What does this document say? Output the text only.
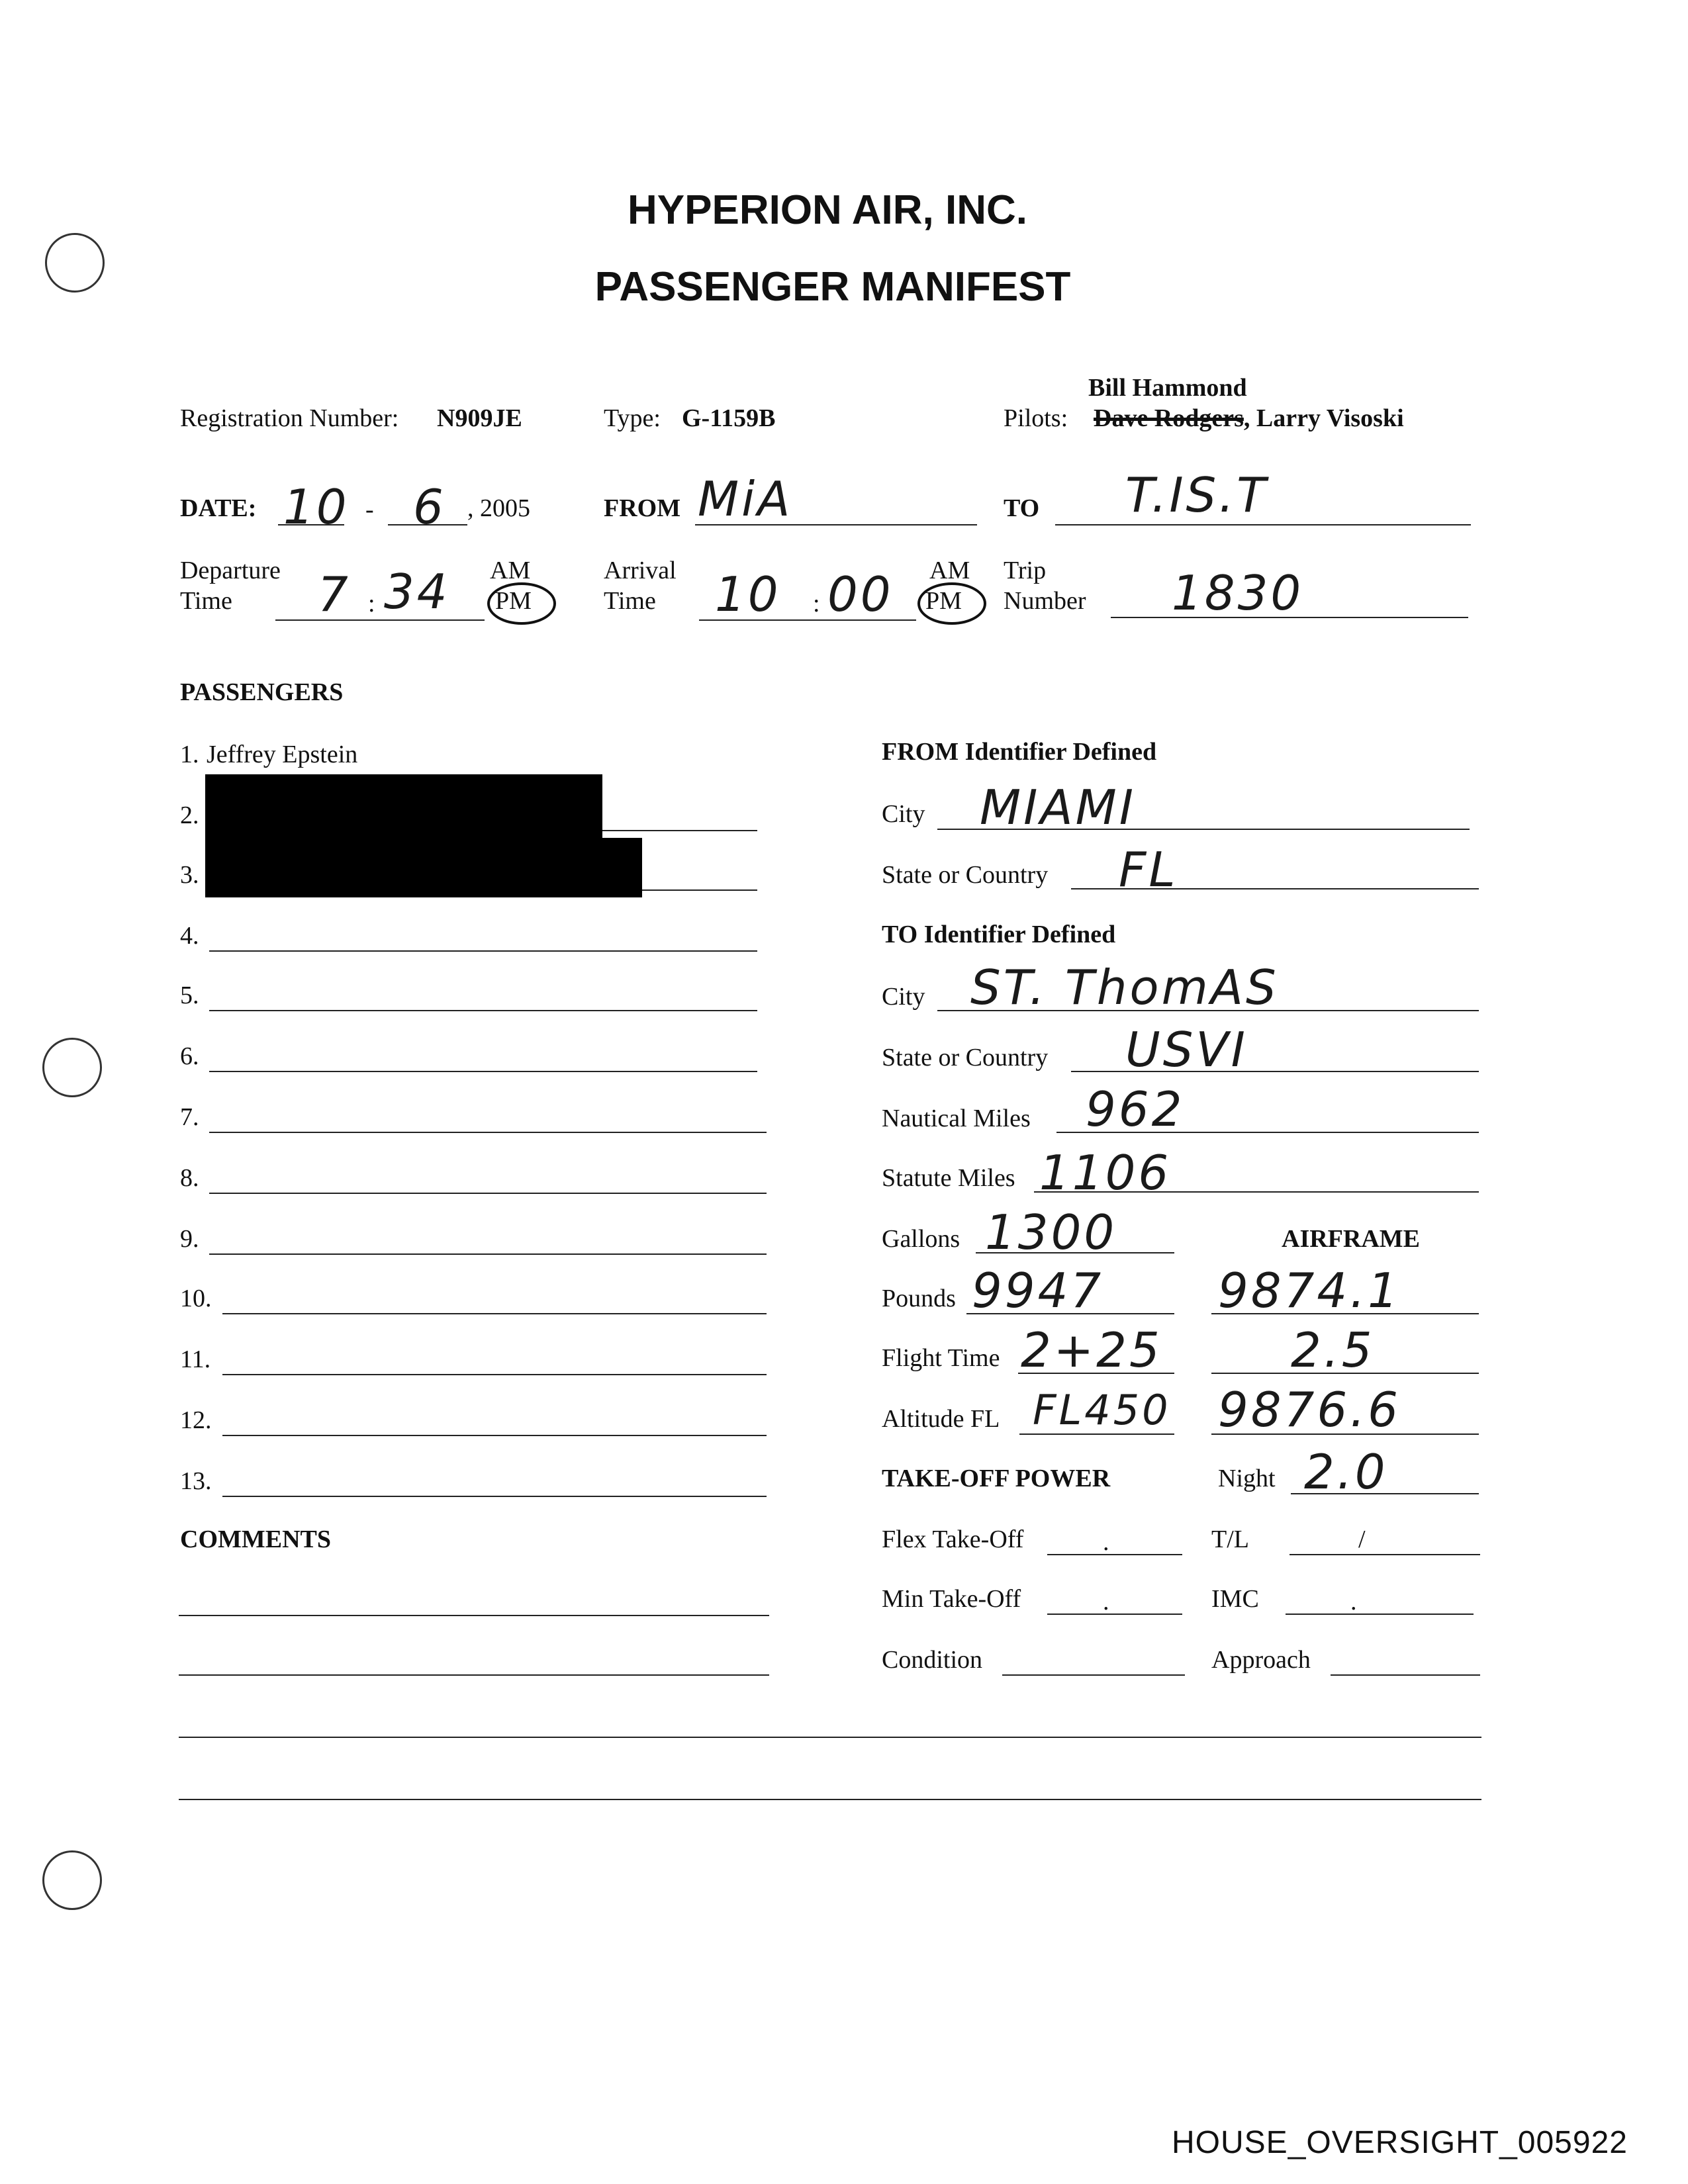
HYPERION AIR, INC.
PASSENGER MANIFEST
Registration Number: N909JE	Type: G-1159B
Bill Hammond
Pilots: Dave Rodgers, Larry Visoski
DATE: 10 - 6 , 2005	FROM MiA	TO T.IS.T
Departure
Time 7 : 34 AM
PM
Arrival
Time 10 : 00 AM
PM
Trip
Number 1830
PASSENGERS
1. Jeffrey Epstein
2.
3.
4.
5.
6.
7.
8.
9.
10.
11.
12.
13.
FROM Identifier Defined
City MIAMI
State or Country FL
TO Identifier Defined
City ST. ThomAS
State or Country USVI
Nautical Miles 962
Statute Miles 1106
Gallons 1300	AIRFRAME
Pounds 9947 9874.1
Flight Time 2+25	2.5
Altitude FL FL450 9876.6
TAKE-OFF POWER	Night 2.0
Flex Take-Off	.	T/L	/
Min Take-Off	.	IMC	.
Condition	Approach
COMMENTS
HOUSE_OVERSIGHT_005922
